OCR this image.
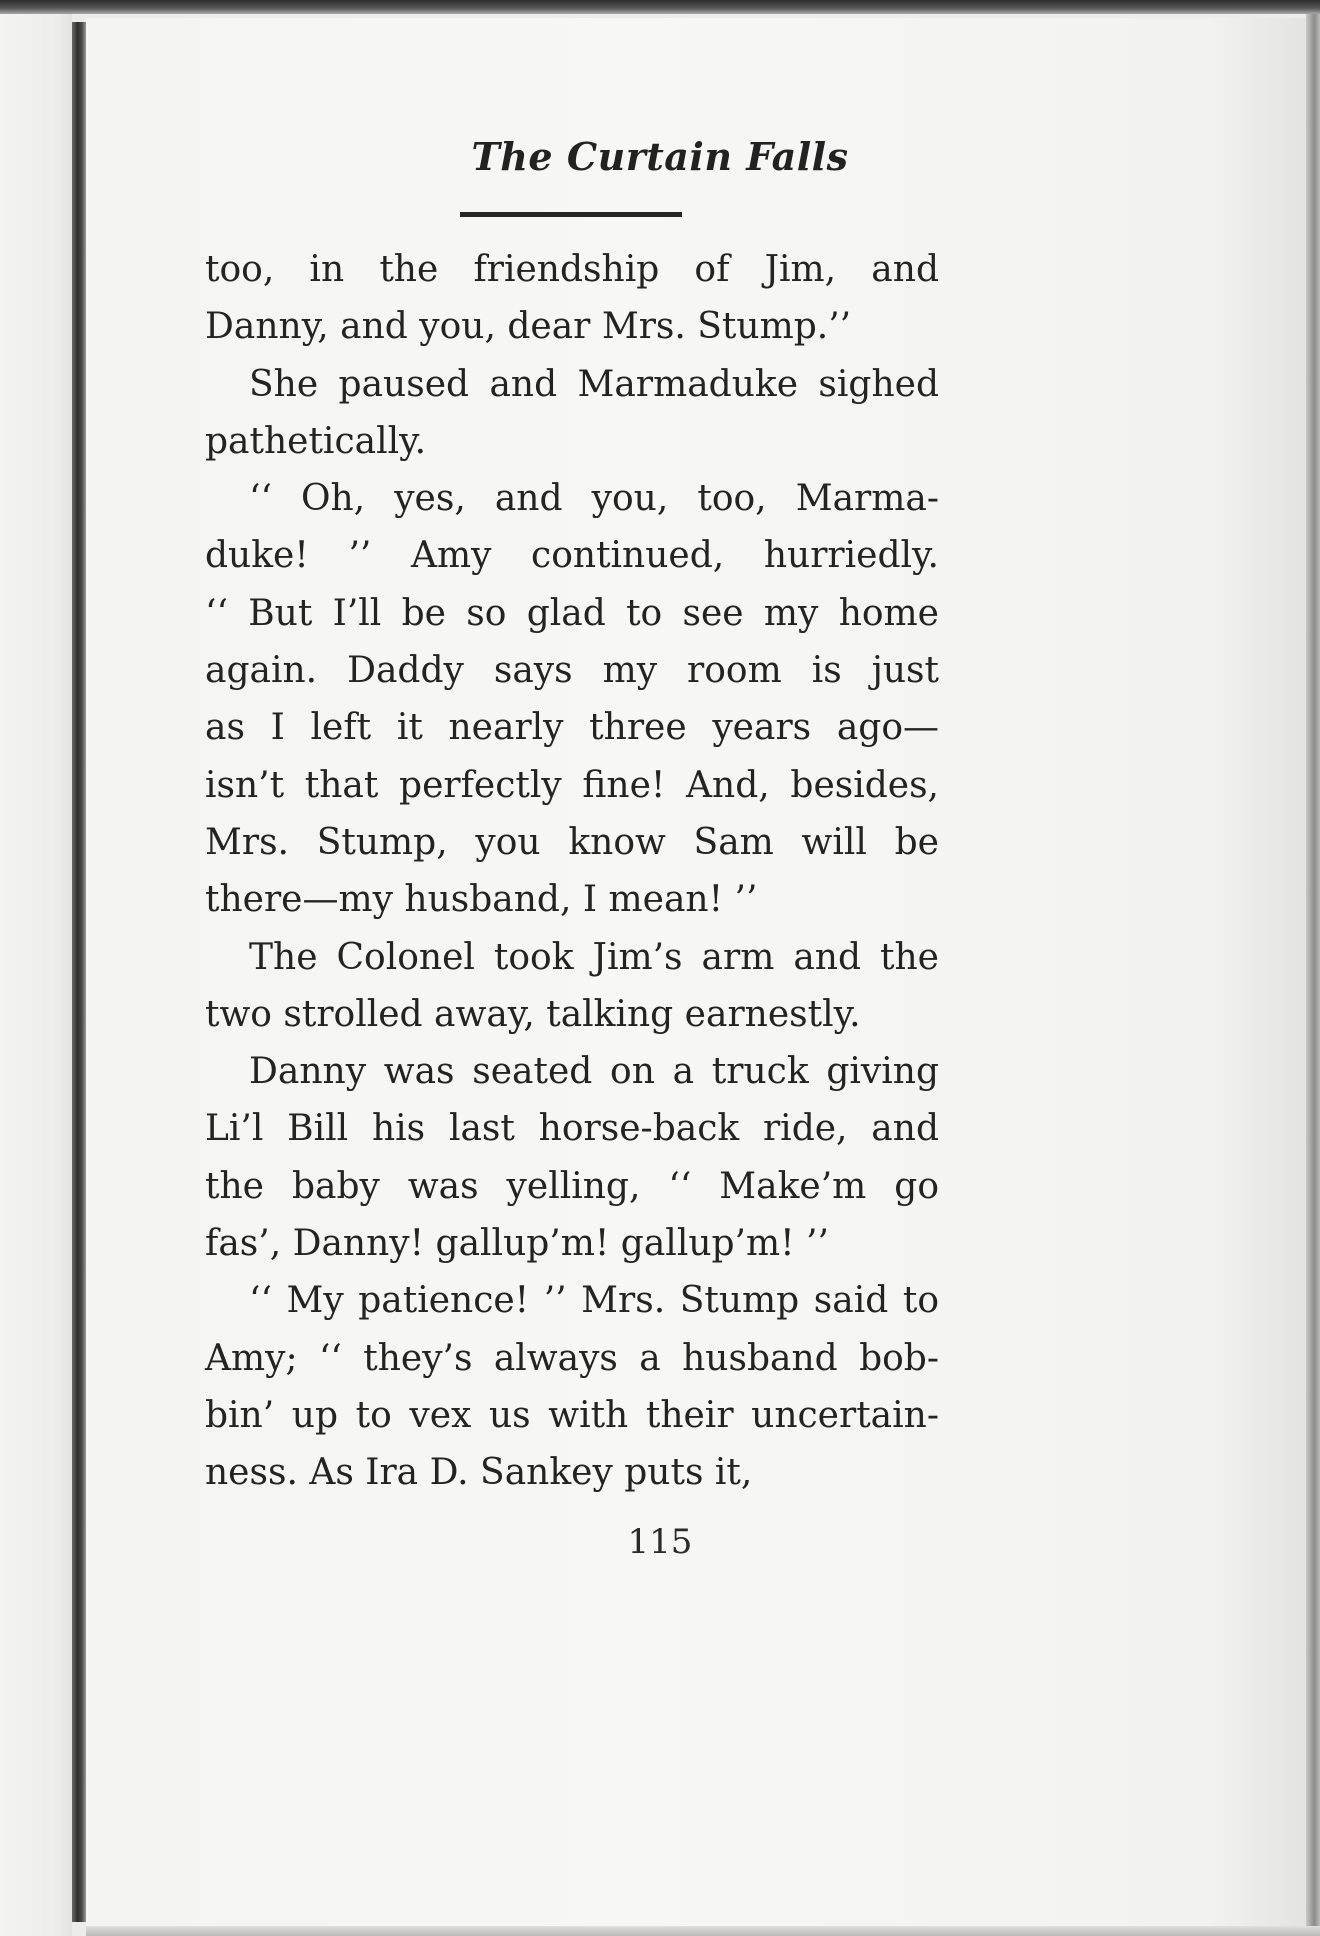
The Curtain Falls
too, in the friendship of Jim, and
Danny, and you, dear Mrs. Stump.’’
She paused and Marmaduke sighed
pathetically.
‘‘ Oh, yes, and you, too, Marma-
duke! ’’ Amy continued, hurriedly.
‘‘ But I’ll be so glad to see my home
again. Daddy says my room is just
as I left it nearly three years ago—
isn’t that perfectly fine! And, besides,
Mrs. Stump, you know Sam will be
there—my husband, I mean! ’’
The Colonel took Jim’s arm and the
two strolled away, talking earnestly.
Danny was seated on a truck giving
Li’l Bill his last horse-back ride, and
the baby was yelling, ‘‘ Make’m go
fas’, Danny! gallup’m! gallup’m! ’’
‘‘ My patience! ’’ Mrs. Stump said to
Amy; ‘‘ they’s always a husband bob-
bin’ up to vex us with their uncertain-
ness. As Ira D. Sankey puts it,
115
